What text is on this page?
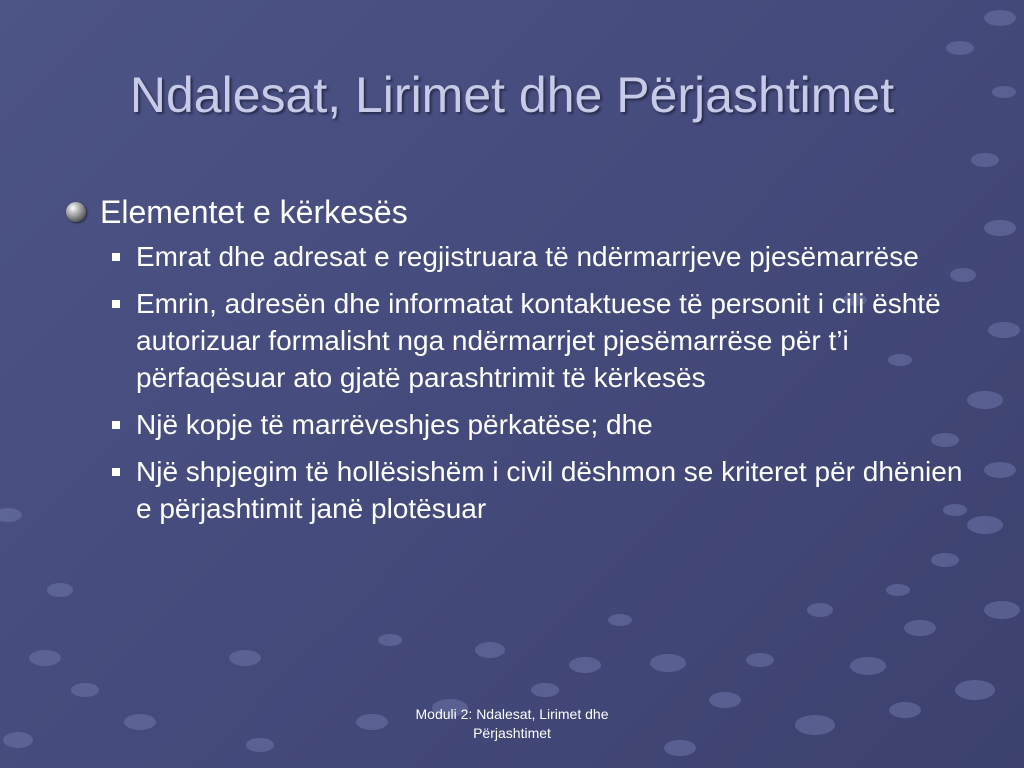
Ndalesat, Lirimet dhe Përjashtimet
Elementet e kërkesës
Emrat dhe adresat e regjistruara të ndërmarrjeve pjesëmarrëse
Emrin, adresën dhe informatat kontaktuese të personit i cili është autorizuar formalisht nga ndërmarrjet pjesëmarrëse për t’i përfaqësuar ato gjatë parashtrimit të kërkesës
Një kopje të marrëveshjes përkatëse; dhe
Një shpjegim të hollësishëm i civil dëshmon se kriteret për dhënien e përjashtimit janë plotësuar
Moduli 2: Ndalesat, Lirimet dhe
Përjashtimet
